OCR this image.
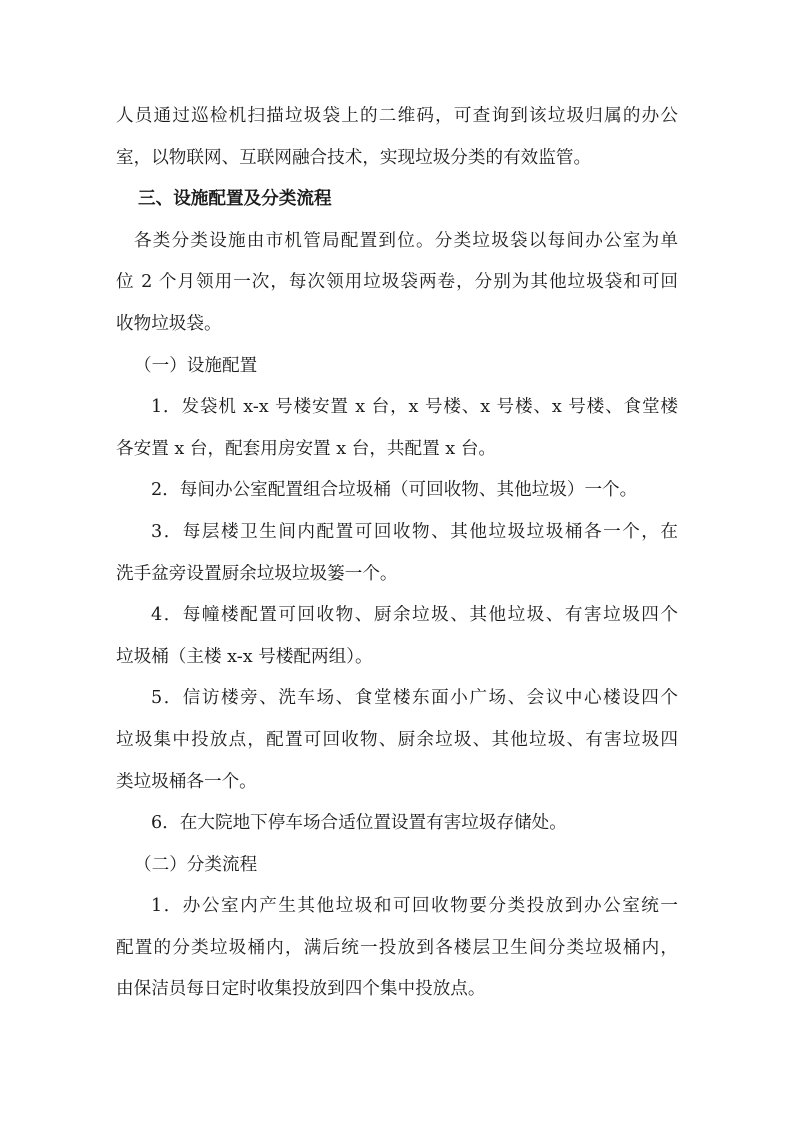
人员通过巡检机扫描垃圾袋上的二维码，可查询到该垃圾归属的办公
室，以物联网、互联网融合技术，实现垃圾分类的有效监管。
三、设施配置及分类流程
各类分类设施由市机管局配置到位。分类垃圾袋以每间办公室为单
位 2 个月领用一次，每次领用垃圾袋两卷，分别为其他垃圾袋和可回
收物垃圾袋。
（一）设施配置
1．发袋机 x-x 号楼安置 x 台，x 号楼、x 号楼、x 号楼、食堂楼
各安置 x 台，配套用房安置 x 台，共配置 x 台。
2．每间办公室配置组合垃圾桶（可回收物、其他垃圾）一个。
3．每层楼卫生间内配置可回收物、其他垃圾垃圾桶各一个，在
洗手盆旁设置厨余垃圾垃圾篓一个。
4．每幢楼配置可回收物、厨余垃圾、其他垃圾、有害垃圾四个
垃圾桶（主楼 x-x 号楼配两组）。
5．信访楼旁、洗车场、食堂楼东面小广场、会议中心楼设四个
垃圾集中投放点，配置可回收物、厨余垃圾、其他垃圾、有害垃圾四
类垃圾桶各一个。
6．在大院地下停车场合适位置设置有害垃圾存储处。
（二）分类流程
1．办公室内产生其他垃圾和可回收物要分类投放到办公室统一
配置的分类垃圾桶内，满后统一投放到各楼层卫生间分类垃圾桶内，
由保洁员每日定时收集投放到四个集中投放点。
